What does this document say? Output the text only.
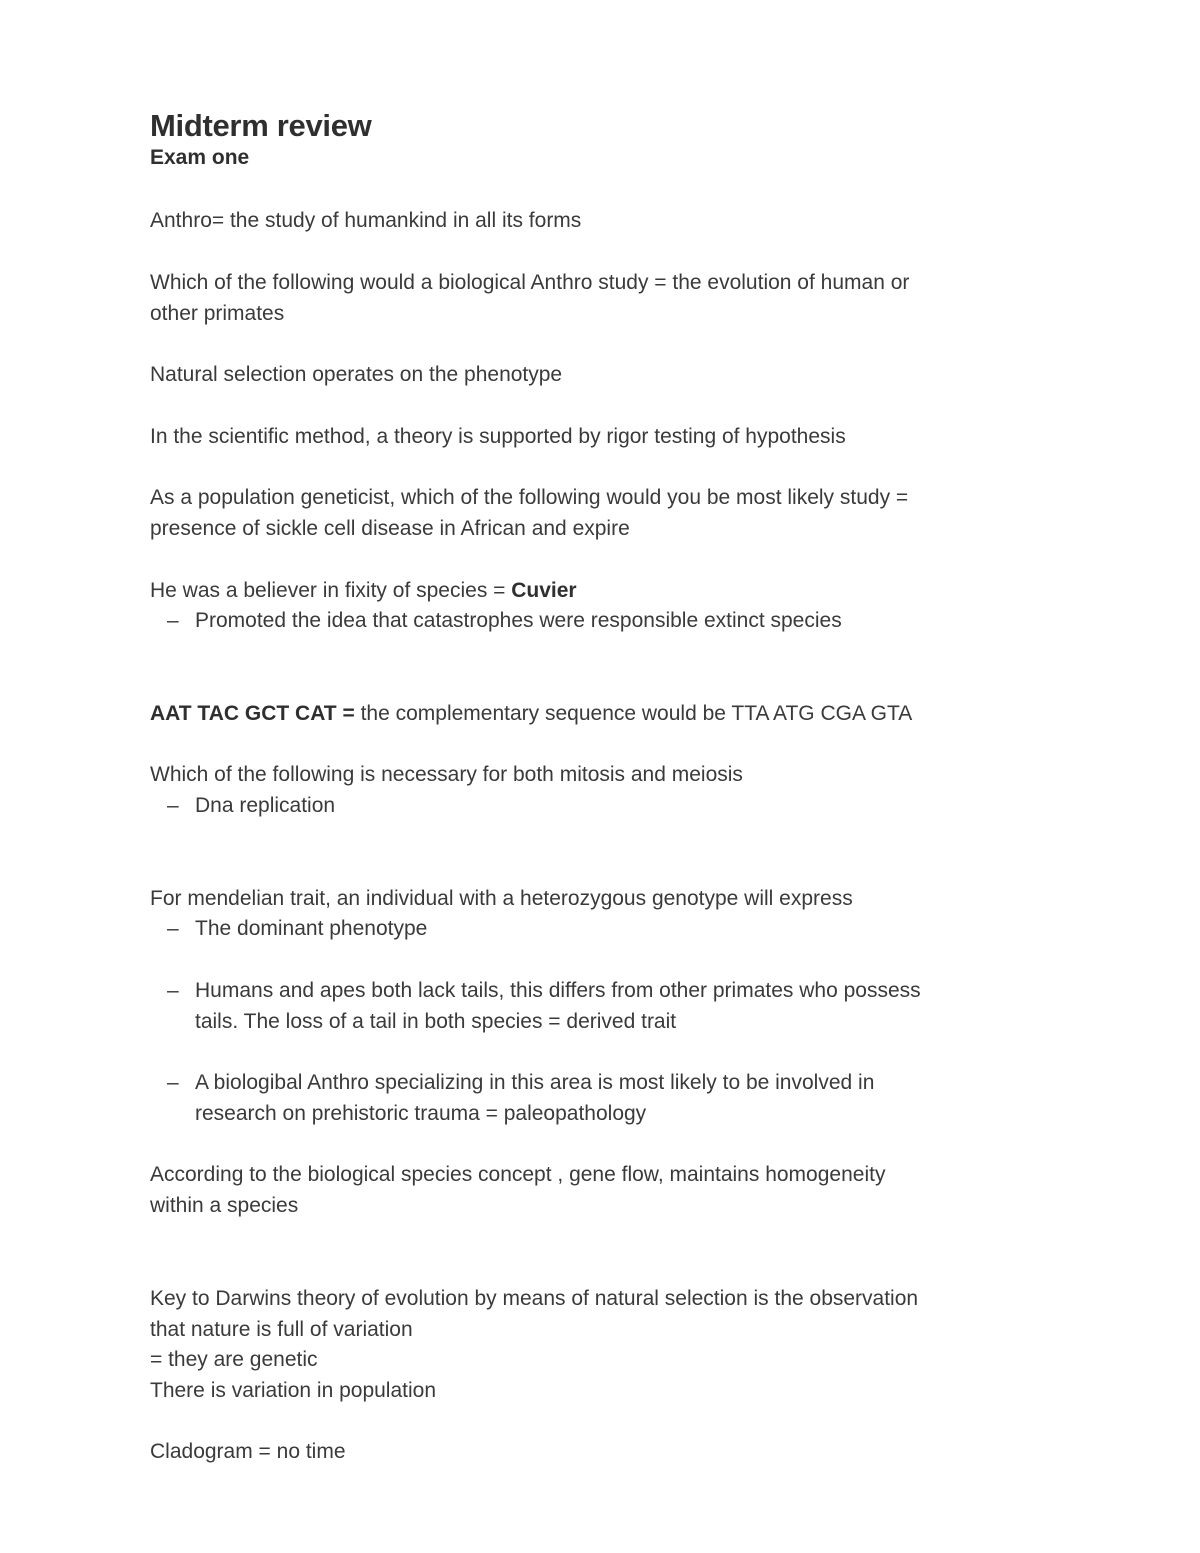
Midterm review
Exam one
Anthro= the study of humankind in all its forms
Which of the following would a biological Anthro study = the evolution of human or
other primates
Natural selection operates on the phenotype
In the scientific method, a theory is supported by rigor testing of hypothesis
As a population geneticist, which of the following would you be most likely study =
presence of sickle cell disease in African and expire
He was a believer in fixity of species = Cuvier
– Promoted the idea that catastrophes were responsible extinct species
AAT TAC GCT CAT = the complementary sequence would be TTA ATG CGA GTA
Which of the following is necessary for both mitosis and meiosis
– Dna replication
For mendelian trait, an individual with a heterozygous genotype will express
– The dominant phenotype
– Humans and apes both lack tails, this differs from other primates who possess
tails. The loss of a tail in both species = derived trait
– A biologibal Anthro specializing in this area is most likely to be involved in
research on prehistoric trauma = paleopathology
According to the biological species concept , gene flow, maintains homogeneity
within a species
Key to Darwins theory of evolution by means of natural selection is the observation
that nature is full of variation
= they are genetic
There is variation in population
Cladogram = no time
